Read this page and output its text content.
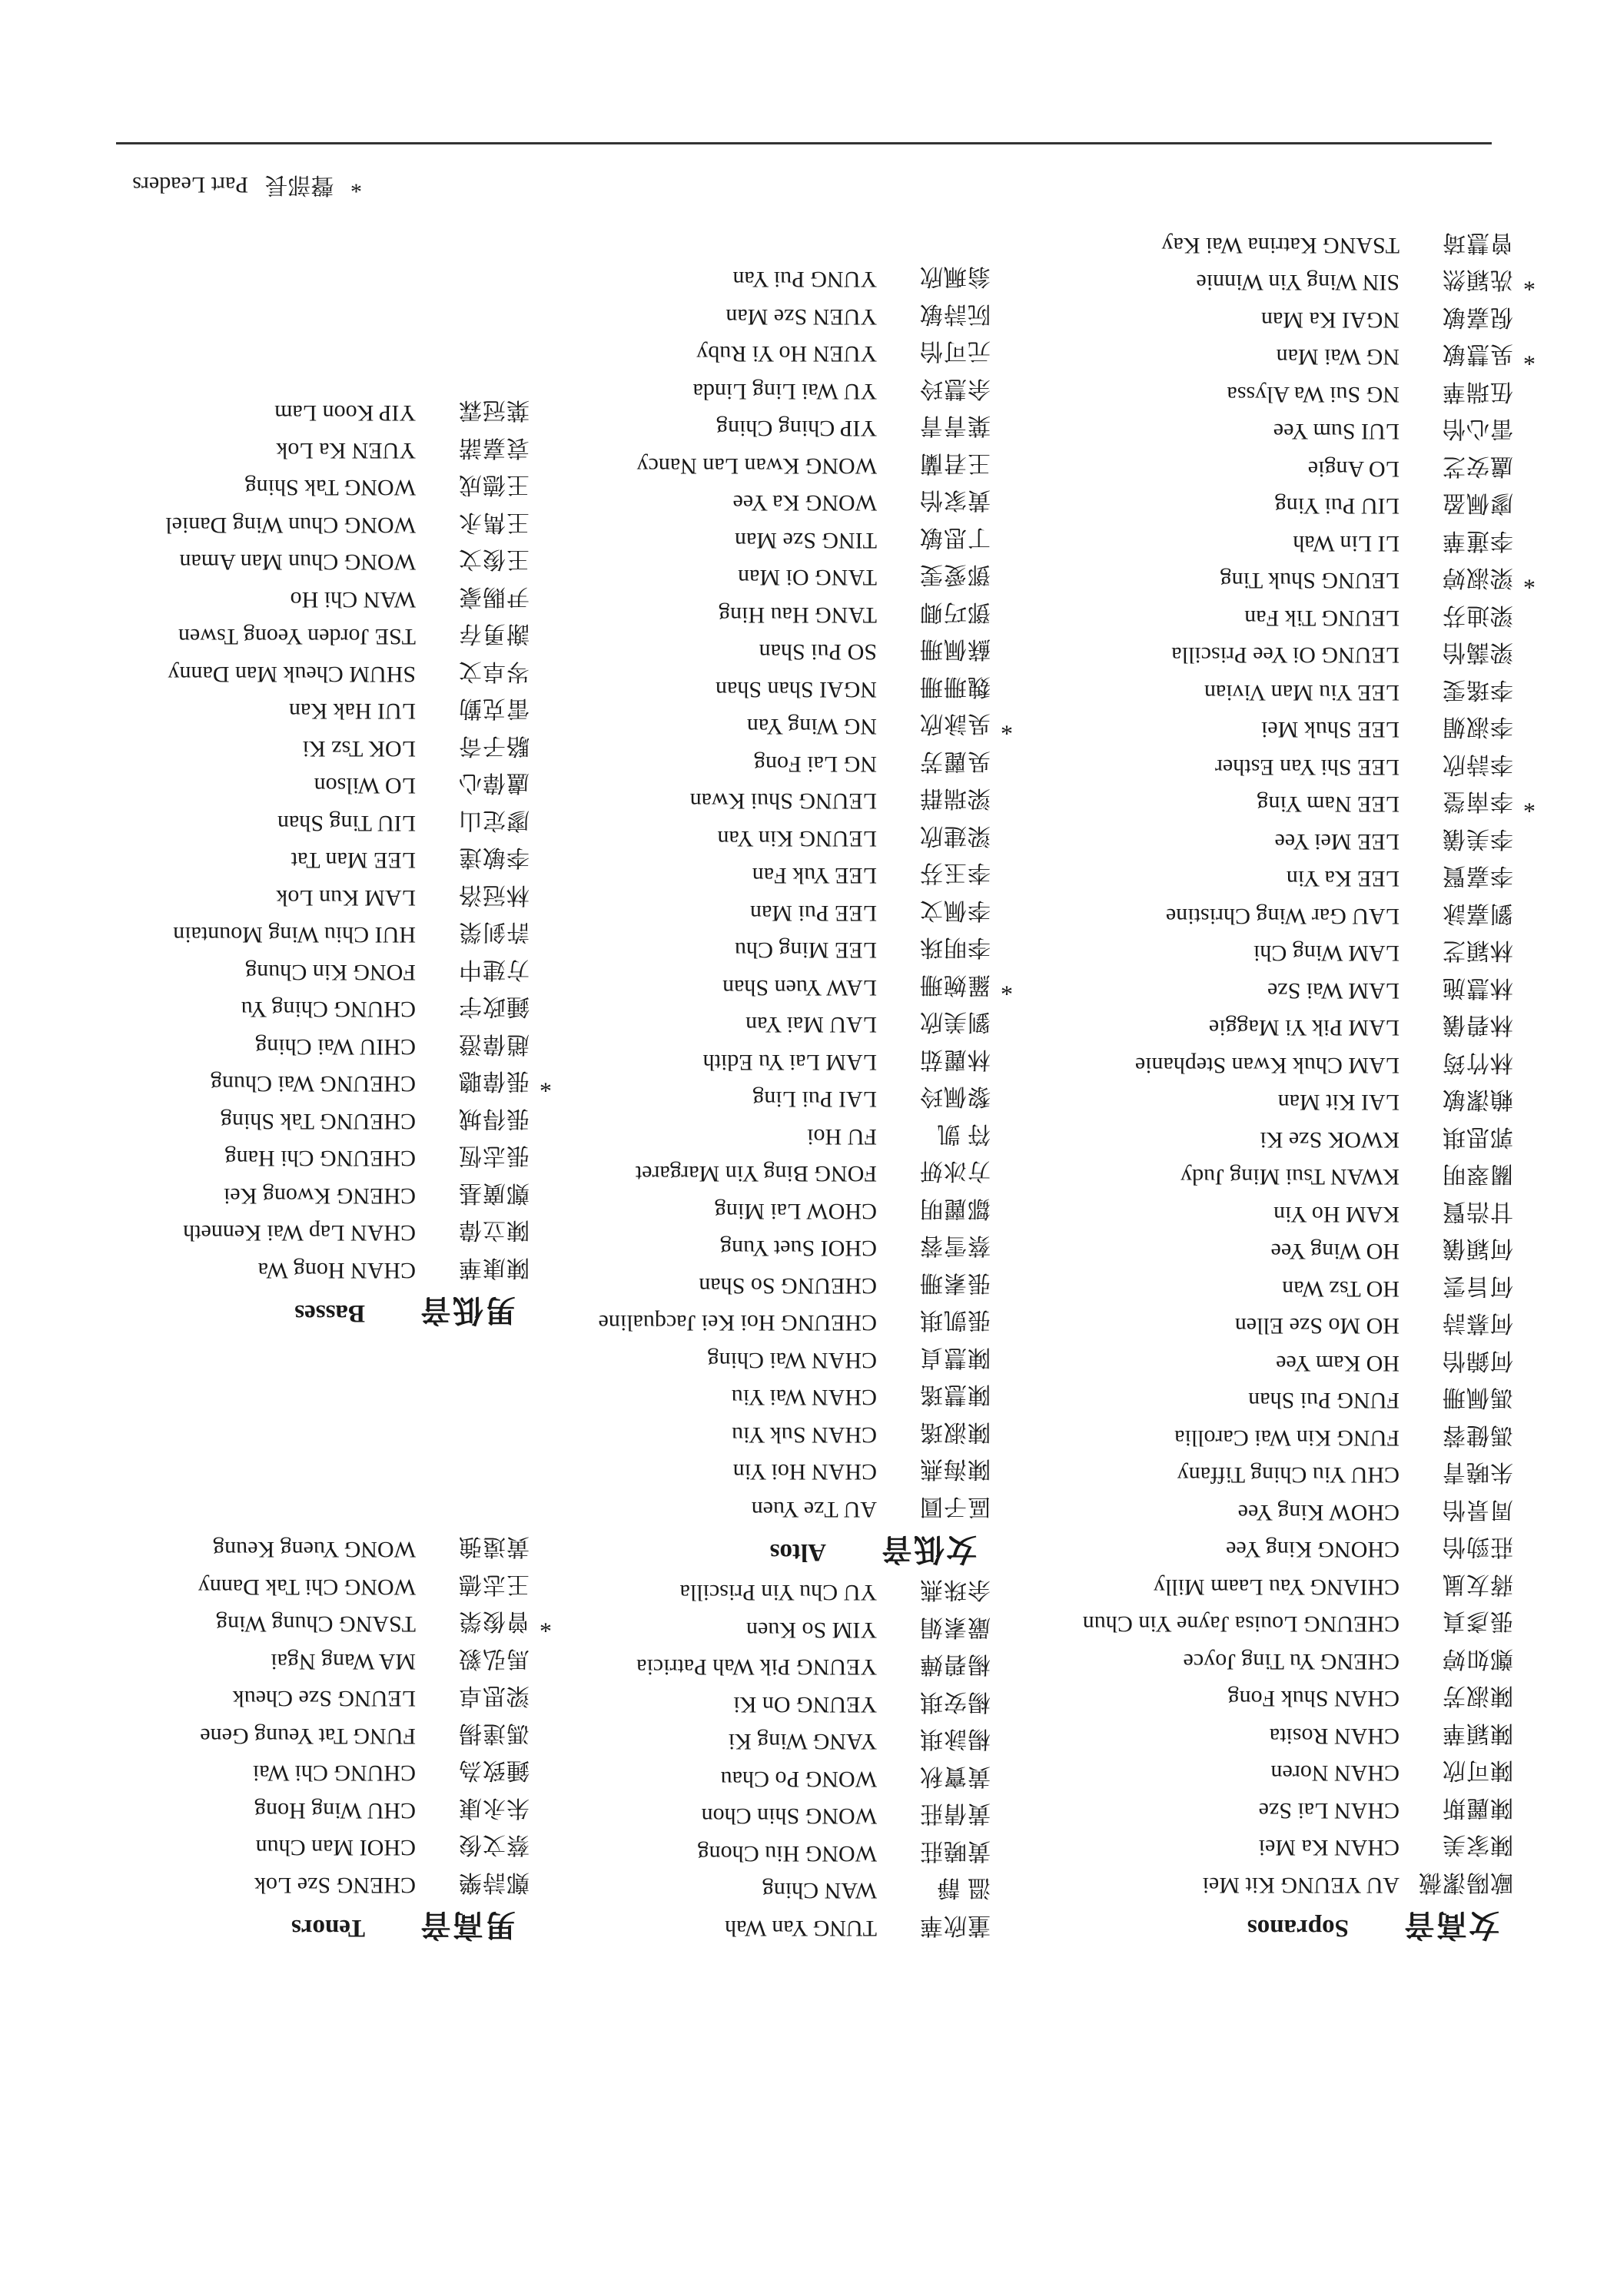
女高音
Sopranos
歐陽潔薇
AU YEUNG Kit Mei
陳家美
CHAN Ka Mei
陳麗斯
CHAN Lai Sze
陳可欣
CHAN Noren
陳穎華
CHAN Rosita
陳淑芳
CHAN Shuk Fong
鄭如婷
CHENG Yu Ting Joyce
張彥真
CHEUNG Louisa Jayne Yin Chun
蔣友嵐
CHIANG Yau Laam Milly
莊勁怡
CHONG King Yee
周景怡
CHOW King Yee
朱曉青
CHU Yiu Ching Tiffany
馮健蓉
FUNG Kin Wai Carollia
馮佩珊
FUNG Pui Shan
何錦怡
HO Kam Yee
何慕詩
HO Mo Sze Ellen
何旨雲
HO Tsz Wan
何穎儀
HO Wing Yee
甘浩賢
KAM Ho Yin
關翠明
KWAN Tsui Ming Judy
郭思琪
KWOK Sze Ki
賴潔敏
LAI Kit Man
林竹筠
LAM Chuk Kwan Stephanie
林碧儀
LAM Pik Yi Maggie
林慧施
LAM Wai Sze
林穎芝
LAM Wing Chi
劉嘉詠
LAU Gar Wing Christine
李嘉賢
LEE Ka Yin
李美儀
LEE Mei Yee
*
李南瑩
LEE Nam Ying
李詩欣
LEE Shi Yan Esther
李淑媚
LEE Shuk Mei
李瑤雯
LEE Yiu Man Vivian
梁藹怡
LEUNG Oi Yee Priscilla
梁迪芬
LEUNG Tik Fan
*
梁淑婷
LEUNG Shuk Ting
李蓮華
LI Lin Wah
廖佩盈
LIU Pui Ying
盧安芝
LO Angie
雷心怡
LUI Sum Yee
伍瑞華
NG Sui Wa Alyssa
*
吳慧敏
NG Wai Man
倪嘉敏
NGAI Ka Man
*
冼穎然
SIN Wing Yin Winnie
曾慧琦
TSANG Katrina Wai Kay
董欣華
TUNG Yan Wah
溫 靜
WAN Ching
黃曉莊
WONG Hiu Chong
黃倩莊
WONG Shin Chon
黃寶秋
WONG Po Chau
楊詠琪
YANG Wing Ki
楊安琪
YEUNG On Ki
楊碧嬅
YEUNG Pik Wah Patricia
嚴素娟
YIM So Kuen
余珠燕
YU Chu Yin Priscilla
女低音
Altos
區子圓
AU Tze Yuen
陳海燕
CHAN Hoi Yin
陳淑瑤
CHAN Suk Yiu
陳慧瑤
CHAN Wai Yiu
陳慧貞
CHAN Wai Ching
張凱琪
CHEUNG Hoi Kei Jacqualine
張素珊
CHEUNG So Shan
蔡雪蓉
CHOI Suet Yung
鄒麗明
CHOW Lai Ming
方冰妍
FONG Bing Yin Margaret
符 凱
FU Hoi
黎佩玲
LAI Pui Ling
林麗茹
LAM Lai Yu Edith
劉美欣
LAU Mai Yan
*
羅婉珊
LAW Yuen Shan
李明珠
LEE Ming Chu
李佩文
LEE Pui Man
李玉芬
LEE Yuk Fan
梁建欣
LEUNG Kin Yan
梁瑞群
LEUNG Shui Kwan
吳麗芳
NG Lai Fong
*
吳詠欣
NG Wing Yan
魏珊珊
NGAI Shan Shan
蘇佩珊
SO Pui Shan
鄧巧卿
TANG Hau Hing
鄧愛雯
TANG Oi Man
丁思敏
TING Sze Man
黃家怡
WONG Ka Yee
王君蘭
WONG Kwan Lan Nancy
葉青青
YIP Ching Ching
余慧玲
YU Wai Ling Linda
元可怡
YUEN Ho Yi Ruby
阮詩敏
YUEN Sze Man
翁珮欣
YUNG Pui Yan
男高音
Tenors
鄭詩樂
CHENG Sze Lok
蔡文俊
CHOI Man Chun
朱永康
CHU Wing Hong
鍾致為
CHUNG Chi Wai
馮達揚
FUNG Tat Yeung Gene
梁思卓
LEUNG Sze Cheuk
馬弘毅
MA Wang Ngai
*
曾俊榮
TSANG Chung Wing
王志德
WONG Chi Tak Danny
黃遠強
WONG Yueng Keung
男低音
Basses
陳康華
CHAN Hong Wa
陳立偉
CHAN Lap Wai Kenneth
鄭廣基
CHENG Kwong Kei
張志恆
CHEUNG Chi Hang
張得城
CHEUNG Tak Shing
*
張偉聰
CHEUNG Wai Chung
趙偉澄
CHIU Wai Ching
鍾政宇
CHUNG Ching Yu
方建中
FONG Kin Chung
許釗榮
HUI Chiu Wing Mountain
林冠洛
LAM Kun Lok
李敏達
LEE Man Tat
廖定山
LIU Ting Shan
盧偉心
LO Wilson
駱子奇
LOK Tsz Ki
雷克勤
LUI Hak Kan
岑卓文
SHUM Cheuk Man Danny
謝勇存
TSE Jorden Yeong Tswen
尹賜豪
WAN Chi Ho
王俊文
WONG Chun Man Aman
王雋永
WONG Chun Wing Daniel
王德成
WONG Tak Shing
袁嘉諾
YUEN Ka Lok
葉冠霖
YIP Koon Lam
* 聲部長 Part Leaders
